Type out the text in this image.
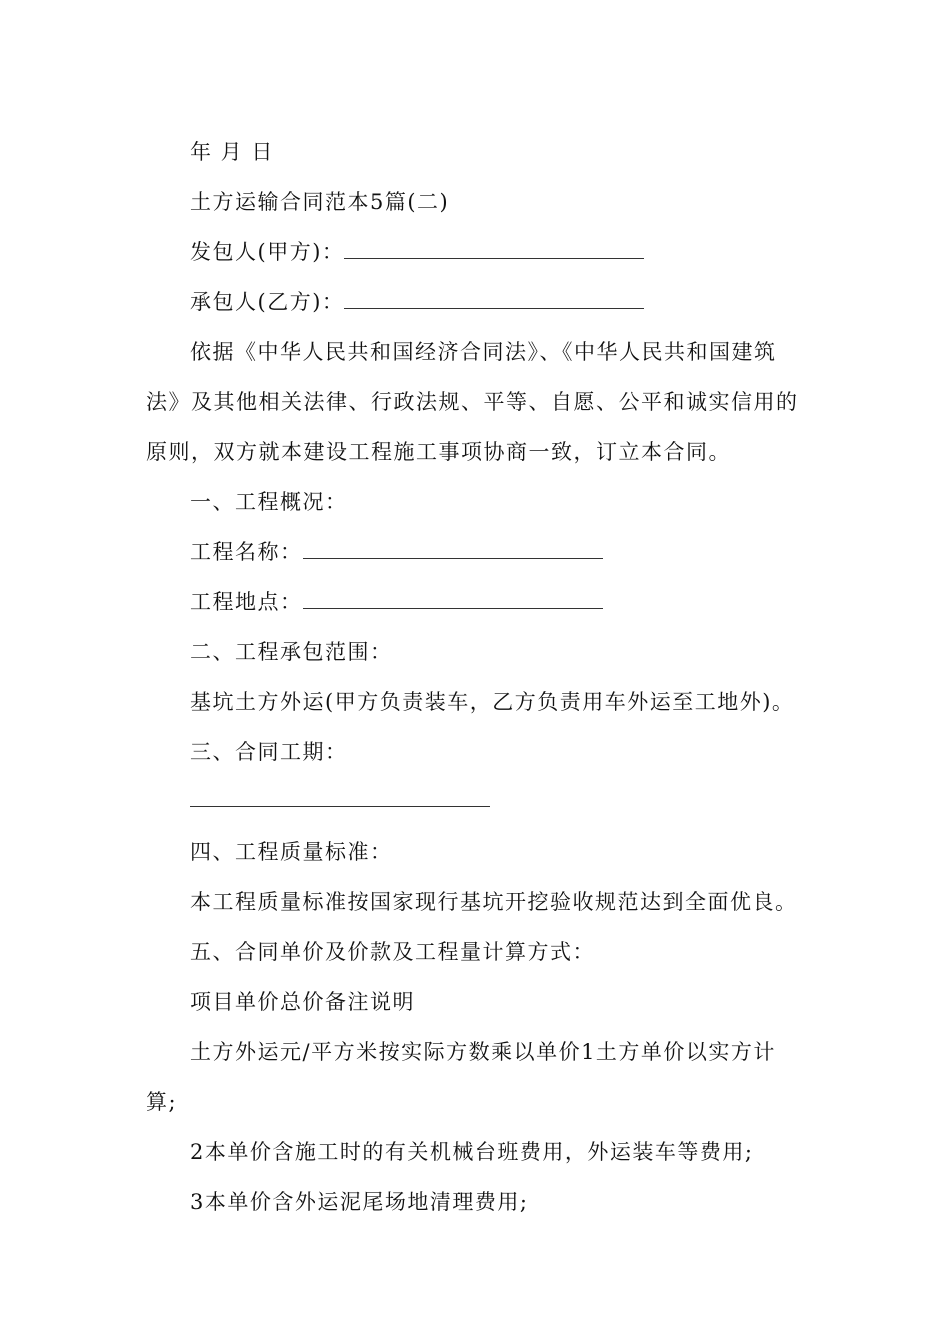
年 月 日
土方运输合同范本5篇(二)
发包人(甲方)：
承包人(乙方)：
依据《中华人民共和国经济合同法》、《中华人民共和国建筑
法》及其他相关法律、行政法规、平等、自愿、公平和诚实信用的
原则，双方就本建设工程施工事项协商一致，订立本合同。
一、工程概况：
工程名称：
工程地点：
二、工程承包范围：
基坑土方外运(甲方负责装车，乙方负责用车外运至工地外)。
三、合同工期：
四、工程质量标准：
本工程质量标准按国家现行基坑开挖验收规范达到全面优良。
五、合同单价及价款及工程量计算方式：
项目单价总价备注说明
土方外运元/平方米按实际方数乘以单价1土方单价以实方计
算;
2本单价含施工时的有关机械台班费用，外运装车等费用;
3本单价含外运泥尾场地清理费用;
